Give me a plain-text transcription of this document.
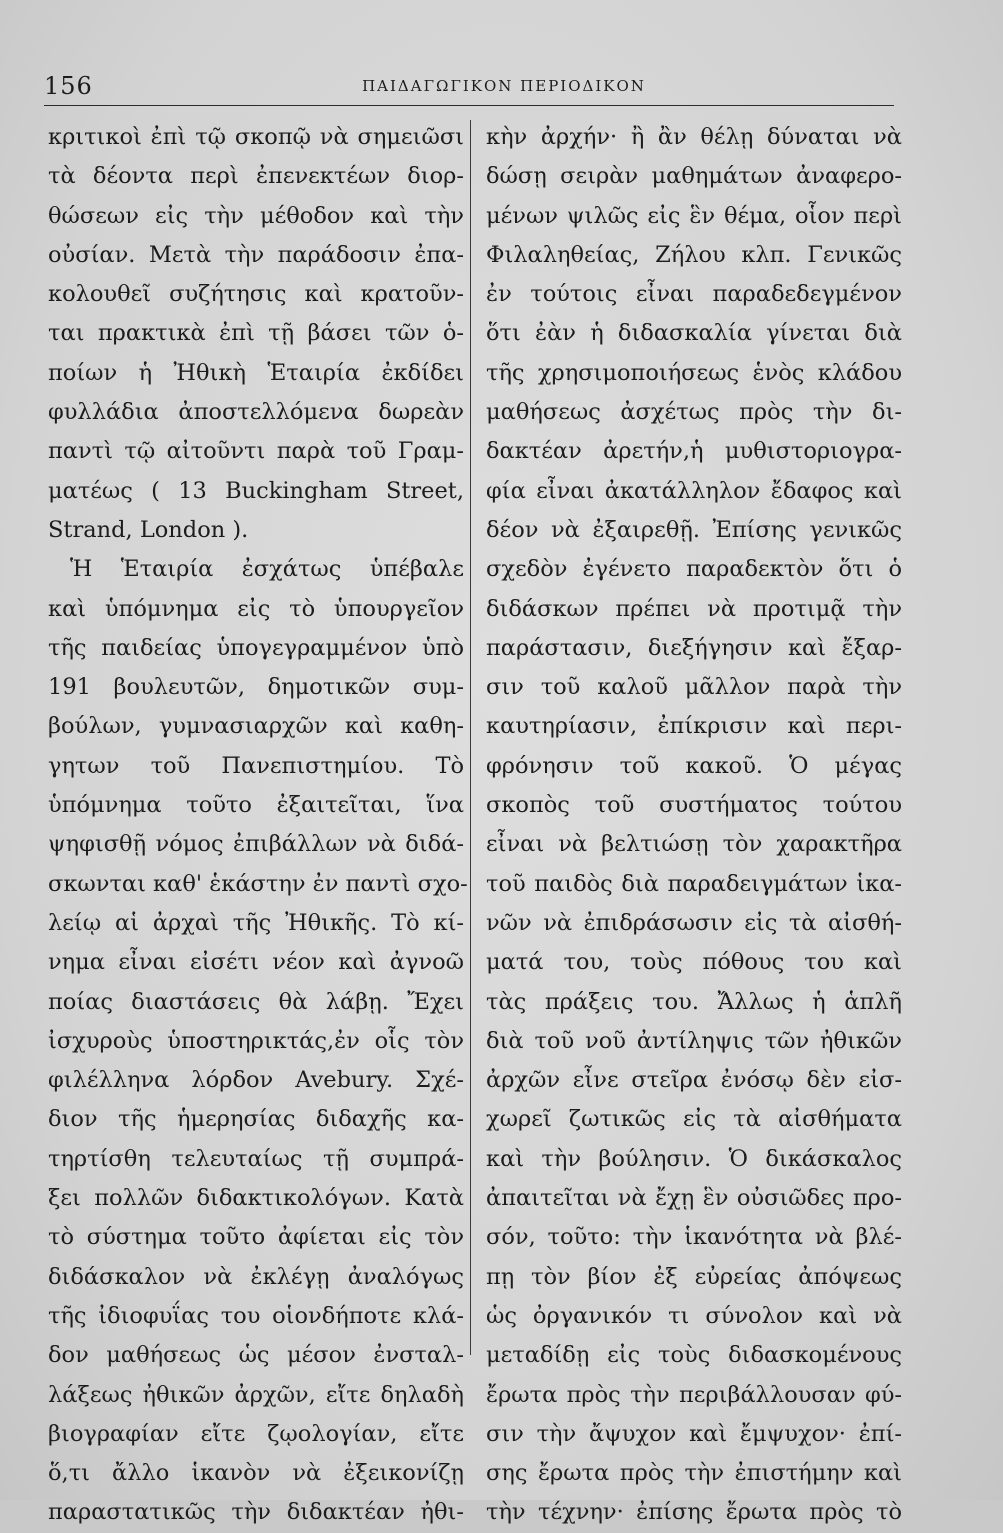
156	ΠΑΙΔΑΓΩΓΙΚΟΝ ΠΕΡΙΟΔΙΚΟΝ
κριτικοὶ ἐπὶ τῷ σκοπῷ νὰ σημειῶσι
τὰ δέοντα περὶ ἐπενεκτέων διορ-
θώσεων εἰς τὴν μέθοδον καὶ τὴν
οὐσίαν. Μετὰ τὴν παράδοσιν ἐπα-
κολουθεῖ συζήτησις καὶ κρατοῦν-
ται πρακτικὰ ἐπὶ τῇ βάσει τῶν ὁ-
ποίων ἡ Ἠθικὴ Ἑταιρία ἐκδίδει
φυλλάδια ἀποστελλόμενα δωρεὰν
παντὶ τῷ αἰτοῦντι παρὰ τοῦ Γραμ-
ματέως ( 13 Buckingham Street,
Strand, London ).
Ἡ Ἑταιρία ἐσχάτως ὑπέβαλε
καὶ ὑπόμνημα εἰς τὸ ὑπουργεῖον
τῆς παιδείας ὑπογεγραμμένον ὑπὸ
191 βουλευτῶν, δημοτικῶν συμ-
βούλων, γυμνασιαρχῶν καὶ καθη-
γητων τοῦ Πανεπιστημίου. Τὸ
ὑπόμνημα τοῦτο ἐξαιτεῖται, ἵνα
ψηφισθῇ νόμος ἐπιβάλλων νὰ διδά-
σκωνται καθ' ἑκάστην ἐν παντὶ σχο-
λείῳ αἱ ἀρχαὶ τῆς Ἠθικῆς. Τὸ κί-
νημα εἶναι εἰσέτι νέον καὶ ἀγνοῶ
ποίας διαστάσεις θὰ λάβῃ. Ἔχει
ἰσχυροὺς ὑποστηρικτάς,ἐν οἷς τὸν
φιλέλληνα λόρδον Avebury. Σχέ-
διον τῆς ἡμερησίας διδαχῆς κα-
τηρτίσθη τελευταίως τῇ συμπρά-
ξει πολλῶν διδακτικολόγων. Κατὰ
τὸ σύστημα τοῦτο ἀφίεται εἰς τὸν
διδάσκαλον νὰ ἐκλέγῃ ἀναλόγως
τῆς ἰδιοφυΐας του οἱονδήποτε κλά-
δον μαθήσεως ὡς μέσον ἐνσταλ-
λάξεως ἠθικῶν ἀρχῶν, εἴτε δηλαδὴ
βιογραφίαν εἴτε ζῳολογίαν, εἴτε
ὅ,τι ἄλλο ἱκανὸν νὰ ἐξεικονίζῃ
παραστατικῶς τὴν διδακτέαν ἠθι-
κὴν ἀρχήν· ἢ ἂν θέλῃ δύναται νὰ
δώσῃ σειρὰν μαθημάτων ἀναφερο-
μένων ψιλῶς εἰς ἓν θέμα, οἷον περὶ
Φιλαληθείας, Ζήλου κλπ. Γενικῶς
ἐν τούτοις εἶναι παραδεδεγμένον
ὅτι ἐὰν ἡ διδασκαλία γίνεται διὰ
τῆς χρησιμοποιήσεως ἑνὸς κλάδου
μαθήσεως ἀσχέτως πρὸς τὴν δι-
δακτέαν ἀρετήν,ἡ μυθιστοριογρα-
φία εἶναι ἀκατάλληλον ἔδαφος καὶ
δέον νὰ ἐξαιρεθῇ. Ἐπίσης γενικῶς
σχεδὸν ἐγένετο παραδεκτὸν ὅτι ὁ
διδάσκων πρέπει νὰ προτιμᾷ τὴν
παράστασιν, διεξήγησιν καὶ ἔξαρ-
σιν τοῦ καλοῦ μᾶλλον παρὰ τὴν
καυτηρίασιν, ἐπίκρισιν καὶ περι-
φρόνησιν τοῦ κακοῦ. Ὁ μέγας
σκοπὸς τοῦ συστήματος τούτου
εἶναι νὰ βελτιώσῃ τὸν χαρακτῆρα
τοῦ παιδὸς διὰ παραδειγμάτων ἱκα-
νῶν νὰ ἐπιδράσωσιν εἰς τὰ αἰσθή-
ματά του, τοὺς πόθους του καὶ
τὰς πράξεις του. Ἄλλως ἡ ἁπλῆ
διὰ τοῦ νοῦ ἀντίληψις τῶν ἠθικῶν
ἀρχῶν εἶνε στεῖρα ἐνόσῳ δὲν εἰσ-
χωρεῖ ζωτικῶς εἰς τὰ αἰσθήματα
καὶ τὴν βούλησιν. Ὁ δικάσκαλος
ἀπαιτεῖται νὰ ἔχῃ ἓν οὐσιῶδες προ-
σόν, τοῦτο: τὴν ἱκανότητα νὰ βλέ-
πῃ τὸν βίον ἐξ εὐρείας ἀπόψεως
ὡς ὀργανικόν τι σύνολον καὶ νὰ
μεταδίδῃ εἰς τοὺς διδασκομένους
ἔρωτα πρὸς τὴν περιβάλλουσαν φύ-
σιν τὴν ἄψυχον καὶ ἔμψυχον· ἐπί-
σης ἔρωτα πρὸς τὴν ἐπιστήμην καὶ
τὴν τέχνην· ἐπίσης ἔρωτα πρὸς τὸ
